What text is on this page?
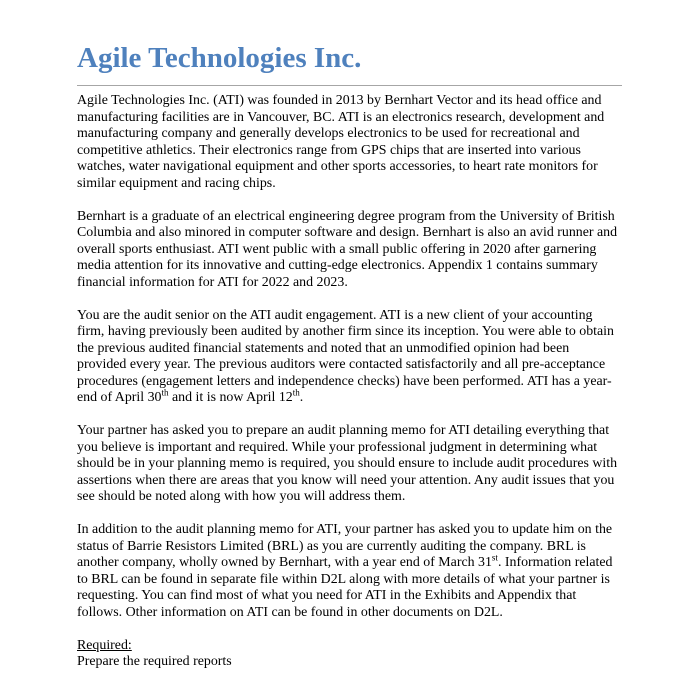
Agile Technologies Inc.

Agile Technologies Inc. (ATI) was founded in 2013 by Bernhart Vector and its head office and manufacturing facilities are in Vancouver, BC. ATI is an electronics research, development and manufacturing company and generally develops electronics to be used for recreational and competitive athletics. Their electronics range from GPS chips that are inserted into various watches, water navigational equipment and other sports accessories, to heart rate monitors for similar equipment and racing chips.

Bernhart is a graduate of an electrical engineering degree program from the University of British Columbia and also minored in computer software and design. Bernhart is also an avid runner and overall sports enthusiast. ATI went public with a small public offering in 2020 after garnering media attention for its innovative and cutting-edge electronics. Appendix 1 contains summary financial information for ATI for 2022 and 2023.

You are the audit senior on the ATI audit engagement. ATI is a new client of your accounting firm, having previously been audited by another firm since its inception. You were able to obtain the previous audited financial statements and noted that an unmodified opinion had been provided every year. The previous auditors were contacted satisfactorily and all pre-acceptance procedures (engagement letters and independence checks) have been performed. ATI has a year-end of April 30th and it is now April 12th.

Your partner has asked you to prepare an audit planning memo for ATI detailing everything that you believe is important and required. While your professional judgment in determining what should be in your planning memo is required, you should ensure to include audit procedures with assertions when there are areas that you know will need your attention. Any audit issues that you see should be noted along with how you will address them.

In addition to the audit planning memo for ATI, your partner has asked you to update him on the status of Barrie Resistors Limited (BRL) as you are currently auditing the company. BRL is another company, wholly owned by Bernhart, with a year end of March 31st. Information related to BRL can be found in separate file within D2L along with more details of what your partner is requesting. You can find most of what you need for ATI in the Exhibits and Appendix that follows. Other information on ATI can be found in other documents on D2L.

Required:
Prepare the required reports
